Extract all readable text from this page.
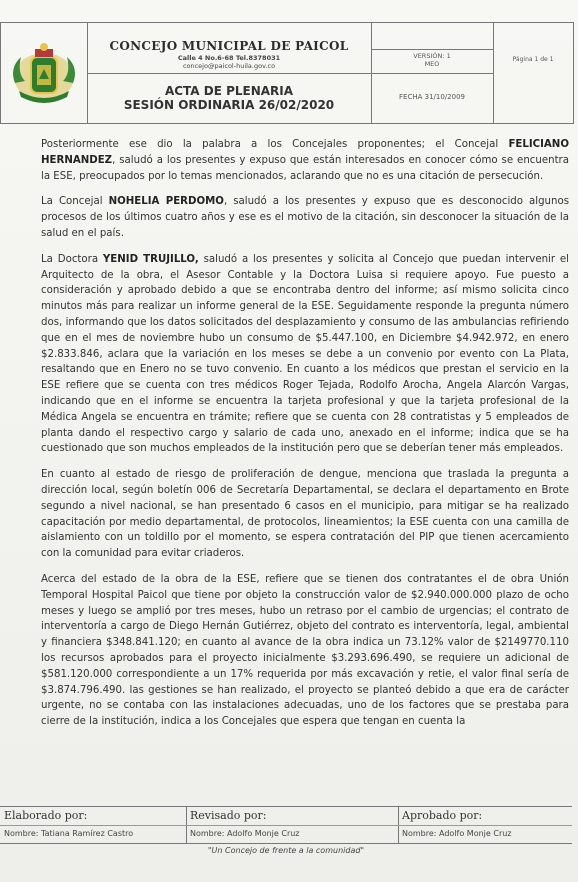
CONCEJO MUNICIPAL DE PAICOL
Calle 4 No.6-68 Tel.8378031
concejo@paicol-huila.gov.co
ACTA DE PLENARIA
SESIÓN ORDINARIA 26/02/2020
VERSIÓN: 1
MEO
Página 1 de 1
FECHA 31/10/2009

Posteriormente ese dio la palabra a los Concejales proponentes; el Concejal FELICIANO HERNANDEZ, saludó a los presentes y expuso que están interesados en conocer cómo se encuentra la ESE, preocupados por lo temas mencionados, aclarando que no es una citación de persecución.

La Concejal NOHELIA PERDOMO, saludó a los presentes y expuso que es desconocido algunos procesos de los últimos cuatro años y ese es el motivo de la citación, sin desconocer la situación de la salud en el país.

La Doctora YENID TRUJILLO, saludó a los presentes y solicita al Concejo que puedan intervenir el Arquitecto de la obra, el Asesor Contable y la Doctora Luisa si requiere apoyo. Fue puesto a consideración y aprobado debido a que se encontraba dentro del informe; así mismo solicita cinco minutos más para realizar un informe general de la ESE. Seguidamente responde la pregunta número dos, informando que los datos solicitados del desplazamiento y consumo de las ambulancias refiriendo que en el mes de noviembre hubo un consumo de $5.447.100, en Diciembre $4.942.972, en enero $2.833.846, aclara que la variación en los meses se debe a un convenio por evento con La Plata, resaltando que en Enero no se tuvo convenio. En cuanto a los médicos que prestan el servicio en la ESE refiere que se cuenta con tres médicos Roger Tejada, Rodolfo Arocha, Angela Alarcón Vargas, indicando que en el informe se encuentra la tarjeta profesional y que la tarjeta profesional de la Médica Angela se encuentra en trámite; refiere que se cuenta con 28 contratistas y 5 empleados de planta dando el respectivo cargo y salario de cada uno, anexado en el informe; indica que se ha cuestionado que son muchos empleados de la institución pero que se deberían tener más empleados.

En cuanto al estado de riesgo de proliferación de dengue, menciona que traslada la pregunta a dirección local, según boletín 006 de Secretaría Departamental, se declara el departamento en Brote segundo a nivel nacional, se han presentado 6 casos en el municipio, para mitigar se ha realizado capacitación por medio departamental, de protocolos, lineamientos; la ESE cuenta con una camilla de aislamiento con un toldillo por el momento, se espera contratación del PIP que tienen acercamiento con la comunidad para evitar criaderos.

Acerca del estado de la obra de la ESE, refiere que se tienen dos contratantes el de obra Unión Temporal Hospital Paicol que tiene por objeto la construcción valor de $2.940.000.000 plazo de ocho meses y luego se amplió por tres meses, hubo un retraso por el cambio de urgencias; el contrato de interventoría a cargo de Diego Hernán Gutiérrez, objeto del contrato es interventoría, legal, ambiental y financiera $348.841.120; en cuanto al avance de la obra indica un 73.12% valor de $2149770.110 los recursos aprobados para el proyecto inicialmente $3.293.696.490, se requiere un adicional de $581.120.000 correspondiente a un 17% requerida por más excavación y retie, el valor final sería de $3.874.796.490. las gestiones se han realizado, el proyecto se planteó debido a que era de carácter urgente, no se contaba con las instalaciones adecuadas, uno de los factores que se prestaba para cierre de la institución, indica a los Concejales que espera que tengan en cuenta la

Elaborado por:
Nombre: Tatiana Ramírez Castro
Revisado por:
Nombre: Adolfo Monje Cruz
Aprobado por:
Nombre: Adolfo Monje Cruz
"Un Concejo de frente a la comunidad"
